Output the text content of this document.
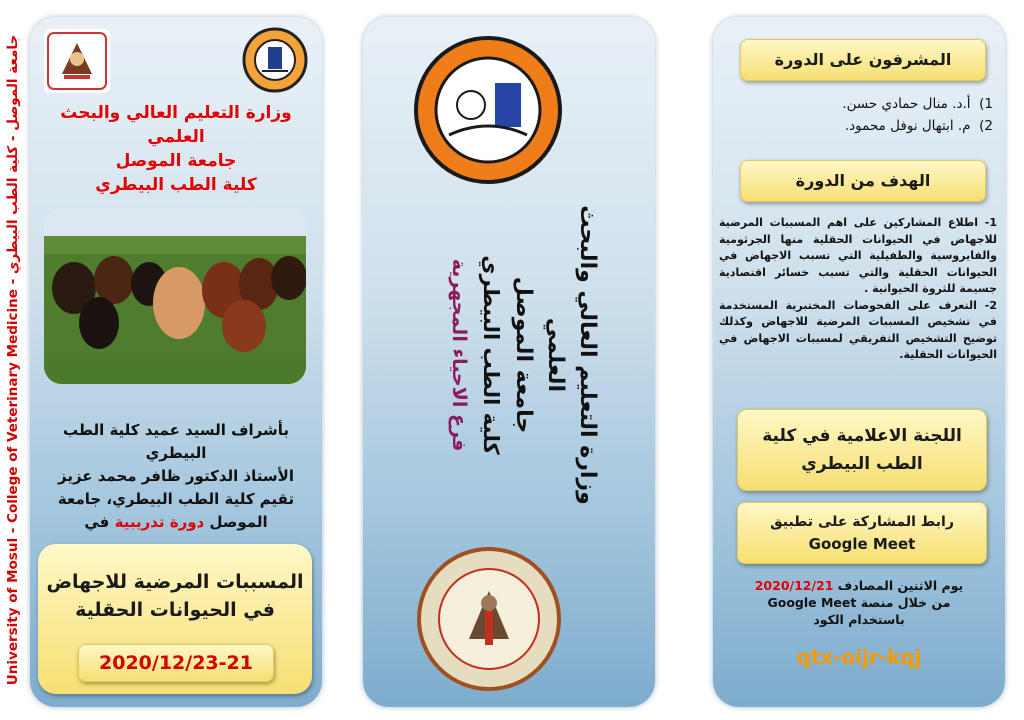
University of Mosul - College of Veterinary Medicine - جامعة الموصل - كلية الطب البيطري	وزارة التعليم العالي والبحث العلمي
جامعة الموصل
كلية الطب البيطري
بأشراف السيد عميد كلية الطب البيطري
الأستاذ الدكتور ظافر محمد عزيز
تقيم كلية الطب البيطري، جامعة
الموصل دورة تدريبية في
المسببات المرضية للاجهاض
في الحيوانات الحقلية
2020/12/23-21
وزارة التعليم العالي والبحث العلمي
جامعة الموصل
كلية الطب البيطري
فرع الاحياء المجهرية
المشرفون على الدورة
1)  أ.د. منال حمادي حسن.
2)  م. ابتهال نوفل محمود.
الهدف من الدورة
1- اطلاع المشاركين على اهم المسببات المرضية للاجهاض في الحيوانات الحقلية منها الجرثومية والفايروسية والطفيلية التي تسبب الاجهاض في الحيوانات الحقلية والتي تسبب خسائر اقتصادية جسيمة للثروة الحيوانية .
2- التعرف على الفحوصات المختبرية المستخدمة في تشخيص المسببات المرضية للاجهاض وكذلك توضيح التشخيص التفريقي لمسببات الاجهاض في الحيوانات الحقلية.
اللجنة الاعلامية في كلية
الطب البيطري
رابط المشاركة على تطبيق
Google Meet
يوم الاثنين المصادف 2020/12/21
من خلال منصة Google Meet
باستخدام الكود
qtx-oijr-kqj
